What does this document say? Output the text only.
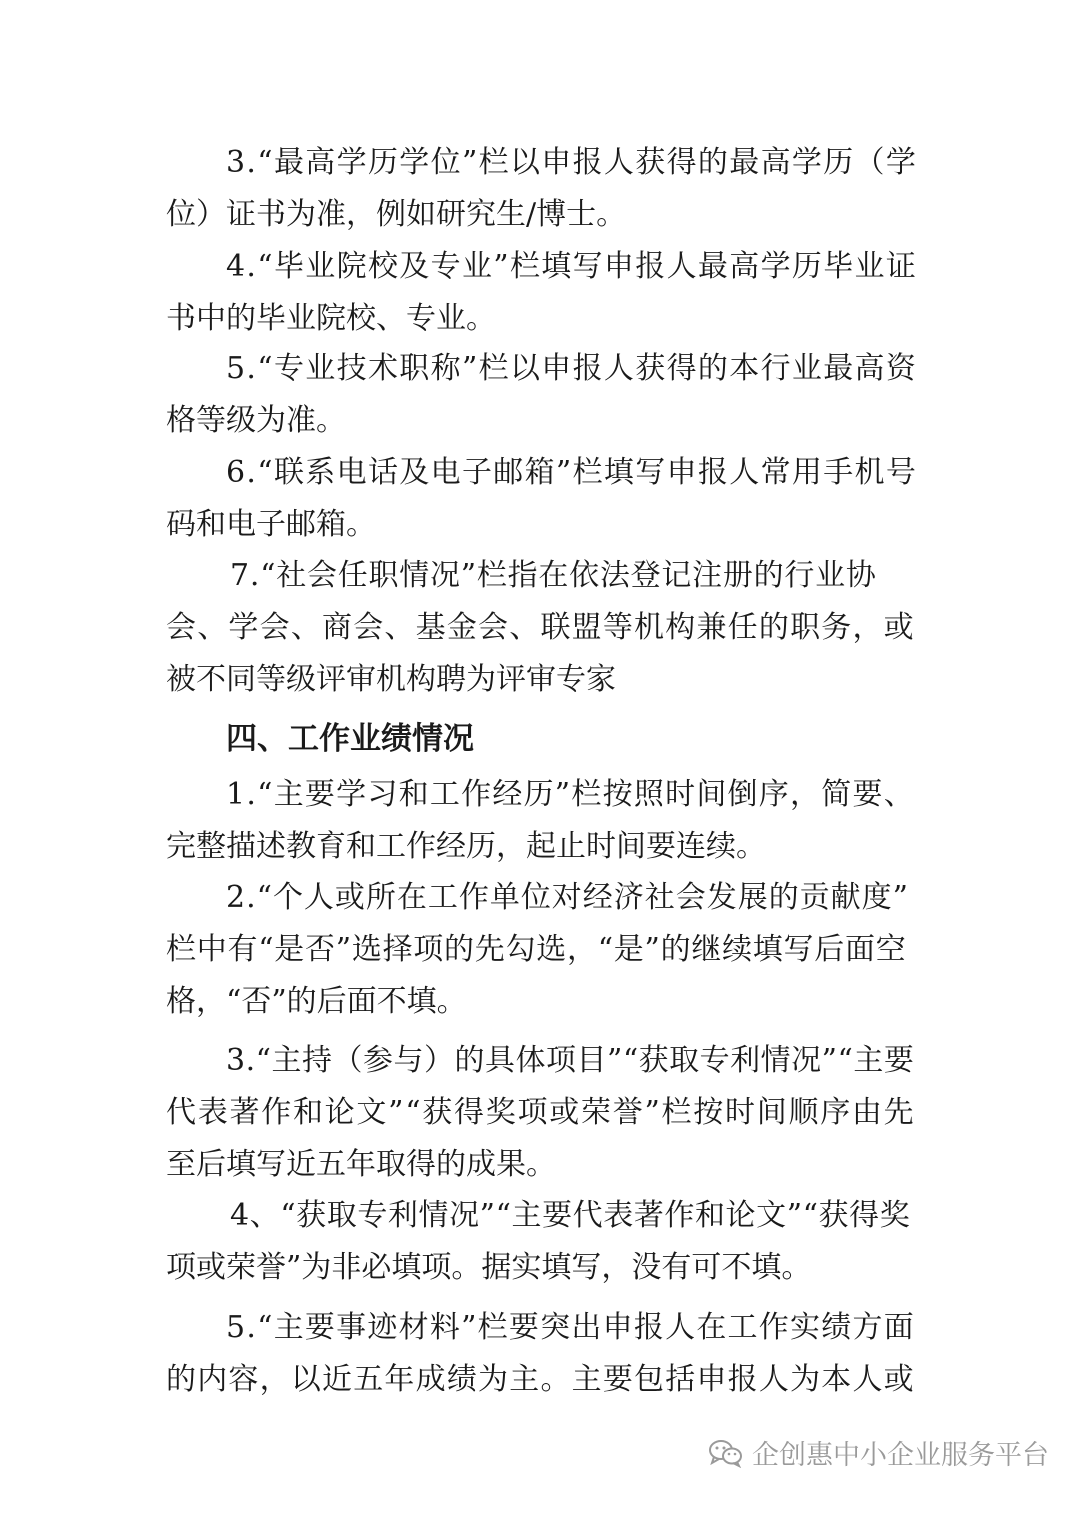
3 . “ 最 高 学 历 学 位 ” 栏 以 申 报 人 获 得 的 最 高 学 历 （ 学
位）证书为准，例如研究生/博士。
4 . “ 毕 业 院 校 及 专 业 ” 栏 填 写 申 报 人 最 高 学 历 毕 业 证
书中的毕业院校、专业。
5 . “ 专 业 技 术 职 称 ” 栏 以 申 报 人 获 得 的 本 行 业 最 高 资
格等级为准。
6 . “ 联 系 电 话 及 电 子 邮 箱 ” 栏 填 写 申 报 人 常 用 手 机 号
码和电子邮箱。
7 . “ 社 会 任 职 情 况 ” 栏 指 在 依 法 登 记 注 册 的 行 业 协
会 、 学 会 、 商 会 、 基 金 会 、 联 盟 等 机 构 兼 任 的 职 务 ， 或
被不同等级评审机构聘为评审专家
四、工作业绩情况
1 . “ 主 要 学 习 和 工 作 经 历 ” 栏 按 照 时 间 倒 序 ， 简 要 、
完整描述教育和工作经历，起止时间要连续。
2 . “ 个 人 或 所 在 工 作 单 位 对 经 济 社 会 发 展 的 贡 献 度 ”
栏 中 有 “ 是 否 ” 选 择 项 的 先 勾 选 ， “ 是 ” 的 继 续 填 写 后 面 空
格，“否”的后面不填。
3 . “ 主 持 （ 参 与 ） 的 具 体 项 目 ” “ 获 取 专 利 情 况 ” “ 主 要
代 表 著 作 和 论 文 ” “ 获 得 奖 项 或 荣 誉 ” 栏 按 时 间 顺 序 由 先
至后填写近五年取得的成果。
4 、 “ 获 取 专 利 情 况 ” “ 主 要 代 表 著 作 和 论 文 ” “ 获 得 奖
项或荣誉”为非必填项。据实填写，没有可不填。
5 . “ 主 要 事 迹 材 料 ” 栏 要 突 出 申 报 人 在 工 作 实 绩 方 面
的 内 容 ， 以 近 五 年 成 绩 为 主 。 主 要 包 括 申 报 人 为 本 人 或
企创惠中小企业服务平台
